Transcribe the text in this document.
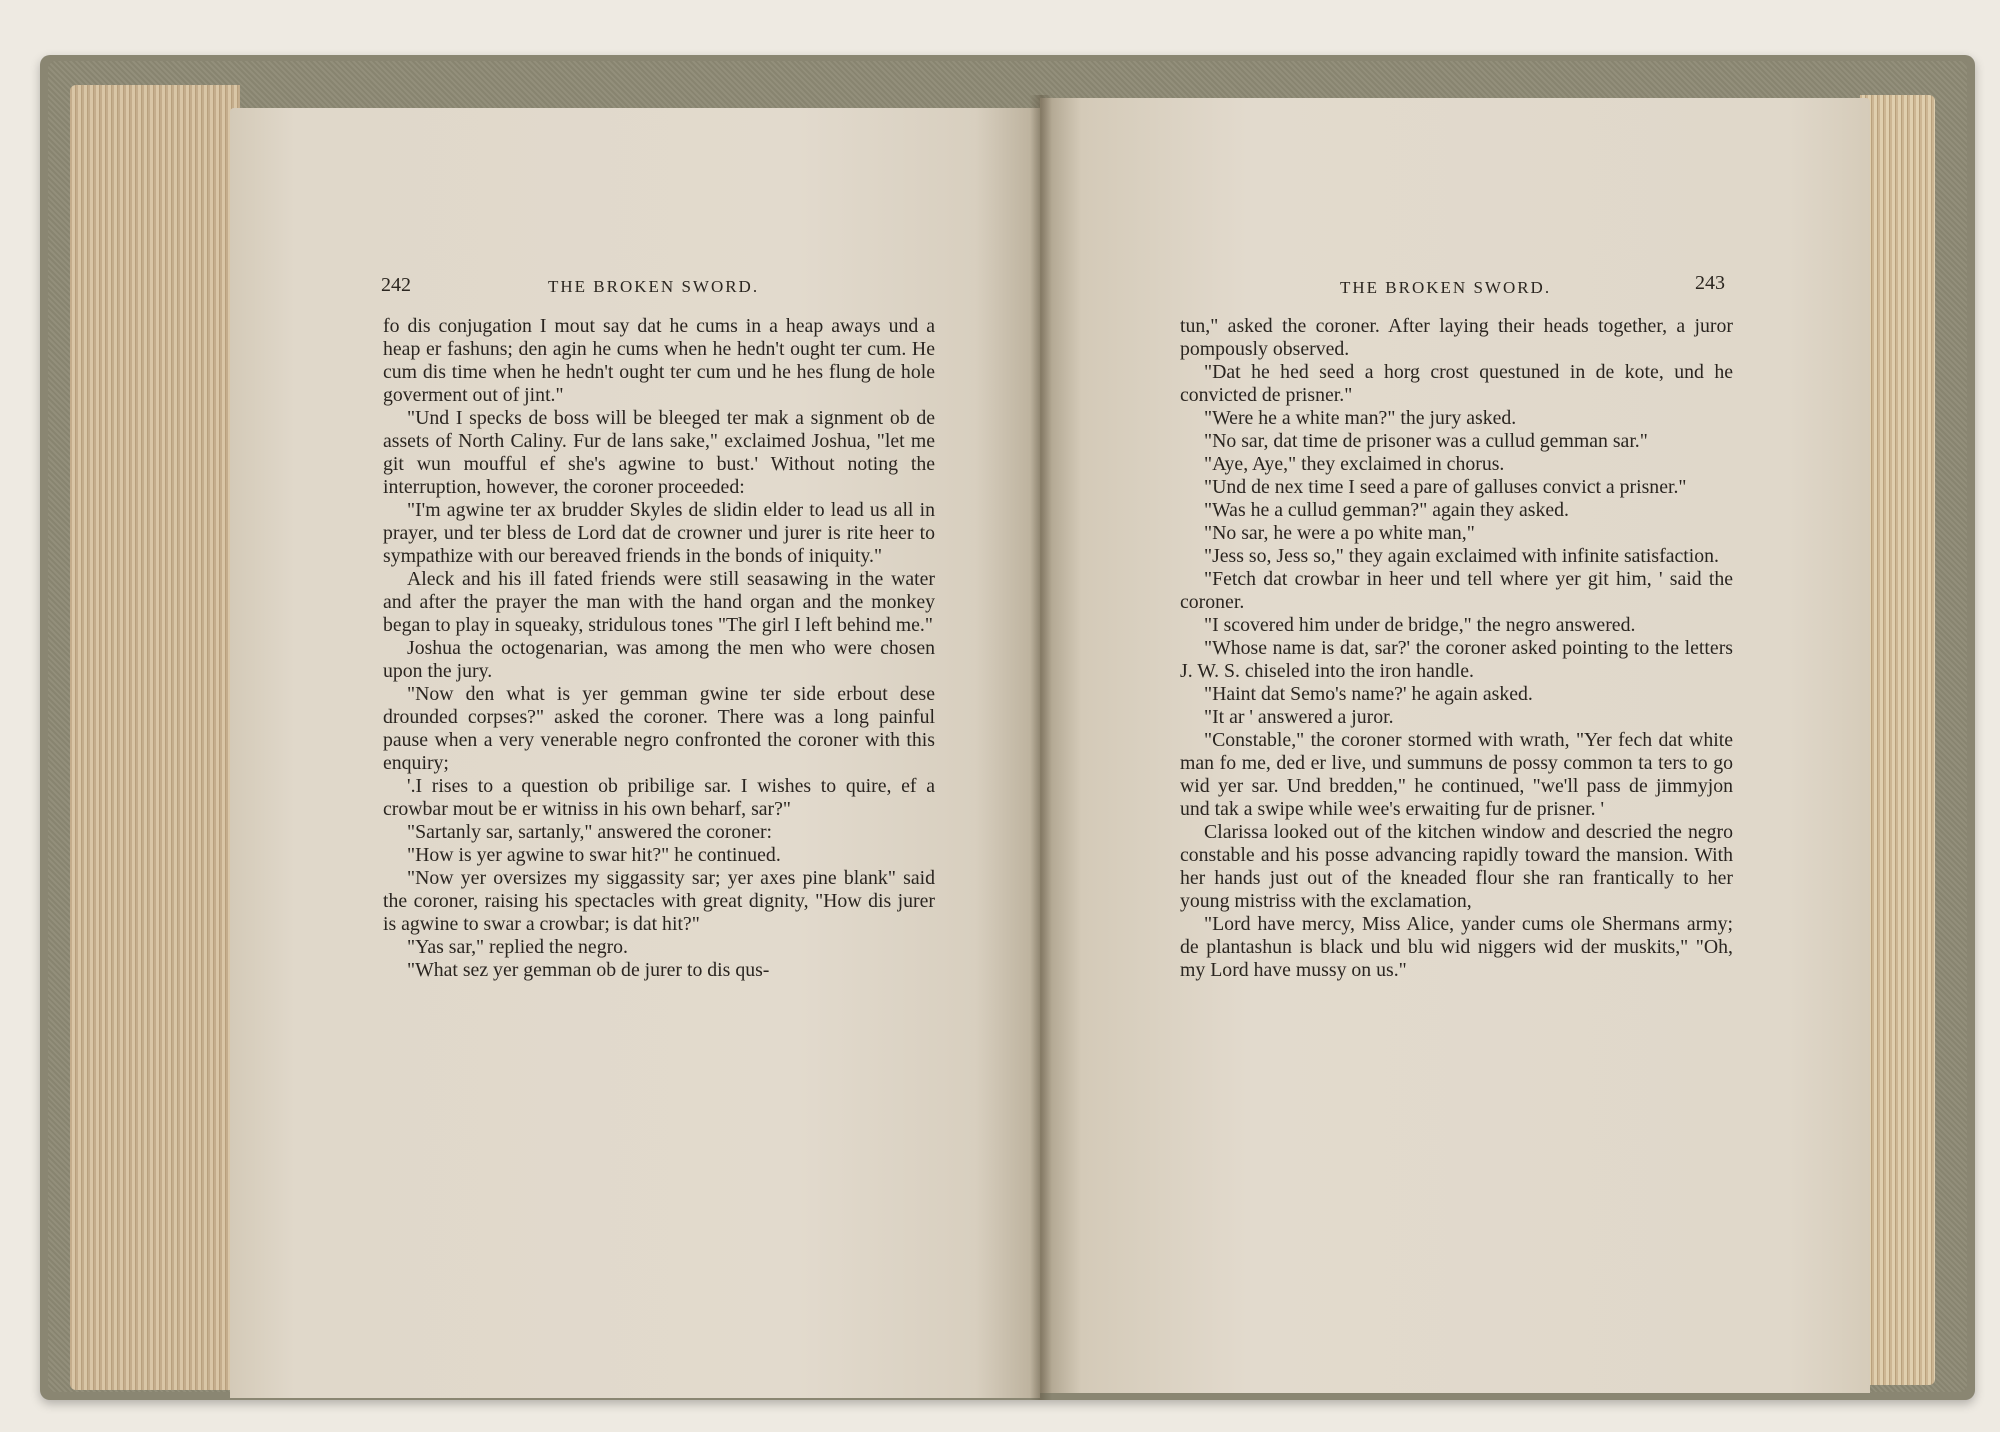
242	THE BROKEN SWORD.	THE BROKEN SWORD.	243

fo dis conjugation I mout say dat he cums in a heap aways und a heap er fashuns; den agin he cums when he hedn't ought ter cum. He cum dis time when he hedn't ought ter cum und he hes flung de hole goverment out of jint."

"Und I specks de boss will be bleeged ter mak a signment ob de assets of North Caliny. Fur de lans sake," exclaimed Joshua, "let me git wun moufful ef she's agwine to bust.' Without noting the interruption, however, the coroner proceeded:

"I'm agwine ter ax brudder Skyles de slidin elder to lead us all in prayer, und ter bless de Lord dat de crowner und jurer is rite heer to sympathize with our bereaved friends in the bonds of iniquity."

Aleck and his ill fated friends were still seasawing in the water and after the prayer the man with the hand organ and the monkey began to play in squeaky, stridulous tones "The girl I left behind me."

Joshua the octogenarian, was among the men who were chosen upon the jury.

"Now den what is yer gemman gwine ter side erbout dese drounded corpses?" asked the coroner. There was a long painful pause when a very venerable negro confronted the coroner with this enquiry;

'.I rises to a question ob pribilige sar. I wishes to quire, ef a crowbar mout be er witniss in his own beharf, sar?"

"Sartanly sar, sartanly," answered the coroner:

"How is yer agwine to swar hit?" he continued.

"Now yer oversizes my siggassity sar; yer axes pine blank" said the coroner, raising his spectacles with great dignity, "How dis jurer is agwine to swar a crowbar; is dat hit?"

"Yas sar," replied the negro.

"What sez yer gemman ob de jurer to dis qus-

tun," asked the coroner. After laying their heads together, a juror pompously observed.

"Dat he hed seed a horg crost questuned in de kote, und he convicted de prisner."

"Were he a white man?" the jury asked.

"No sar, dat time de prisoner was a cullud gemman sar."

"Aye, Aye," they exclaimed in chorus.

"Und de nex time I seed a pare of galluses convict a prisner."

"Was he a cullud gemman?" again they asked.

"No sar, he were a po white man,"

"Jess so, Jess so," they again exclaimed with infinite satisfaction.

"Fetch dat crowbar in heer und tell where yer git him, ' said the coroner.

"I scovered him under de bridge," the negro answered.

"Whose name is dat, sar?' the coroner asked pointing to the letters J. W. S. chiseled into the iron handle.

"Haint dat Semo's name?' he again asked.

"It ar ' answered a juror.

"Constable," the coroner stormed with wrath, "Yer fech dat white man fo me, ded er live, und summuns de possy common ta ters to go wid yer sar. Und bredden," he continued, "we'll pass de jimmyjon und tak a swipe while wee's erwaiting fur de prisner. '

Clarissa looked out of the kitchen window and descried the negro constable and his posse advancing rapidly toward the mansion. With her hands just out of the kneaded flour she ran frantically to her young mistriss with the exclamation,

"Lord have mercy, Miss Alice, yander cums ole Shermans army; de plantashun is black und blu wid niggers wid der muskits," "Oh, my Lord have mussy on us."
